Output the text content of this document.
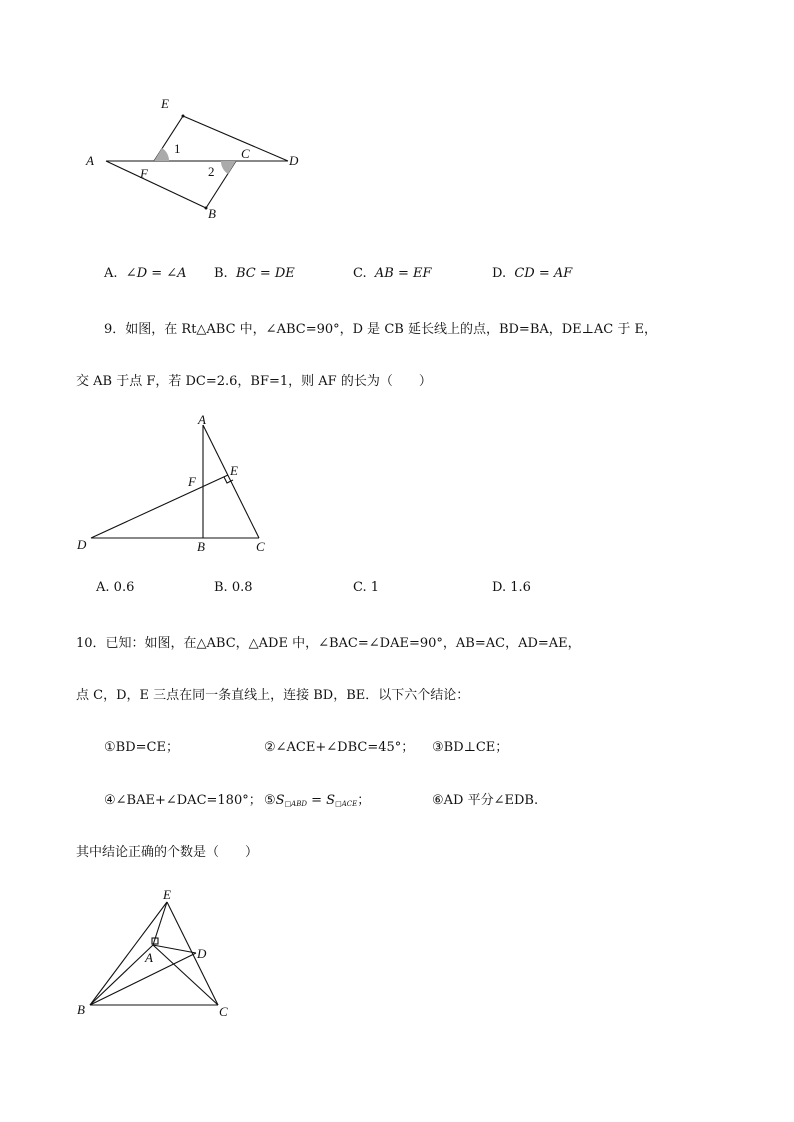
E
A
F
C	D
B
1
2
A. ∠D = ∠A B. BC = DE	C. AB = EF	D. CD = AF
9．如图，在 Rt△ABC 中，∠ABC=90°，D 是 CB 延长线上的点，BD=BA，DE⊥AC 于 E，
交 AB 于点 F，若 DC=2.6，BF=1，则 AF 的长为（　　）
A
E
F
D	B	C
A. 0.6	B. 0.8	C. 1	D. 1.6
10．已知：如图，在△ABC，△ADE 中，∠BAC=∠DAE=90°，AB=AC，AD=AE，
点 C，D，E 三点在同一条直线上，连接 BD，BE．以下六个结论：
①BD=CE；	②∠ACE+∠DBC=45°； ③BD⊥CE；
④∠BAE+∠DAC=180°； $⑤S_{□ABD} = S_{□ACE}$；	⑥AD 平分∠EDB.
其中结论正确的个数是（　　）
E
A	D
B	C
